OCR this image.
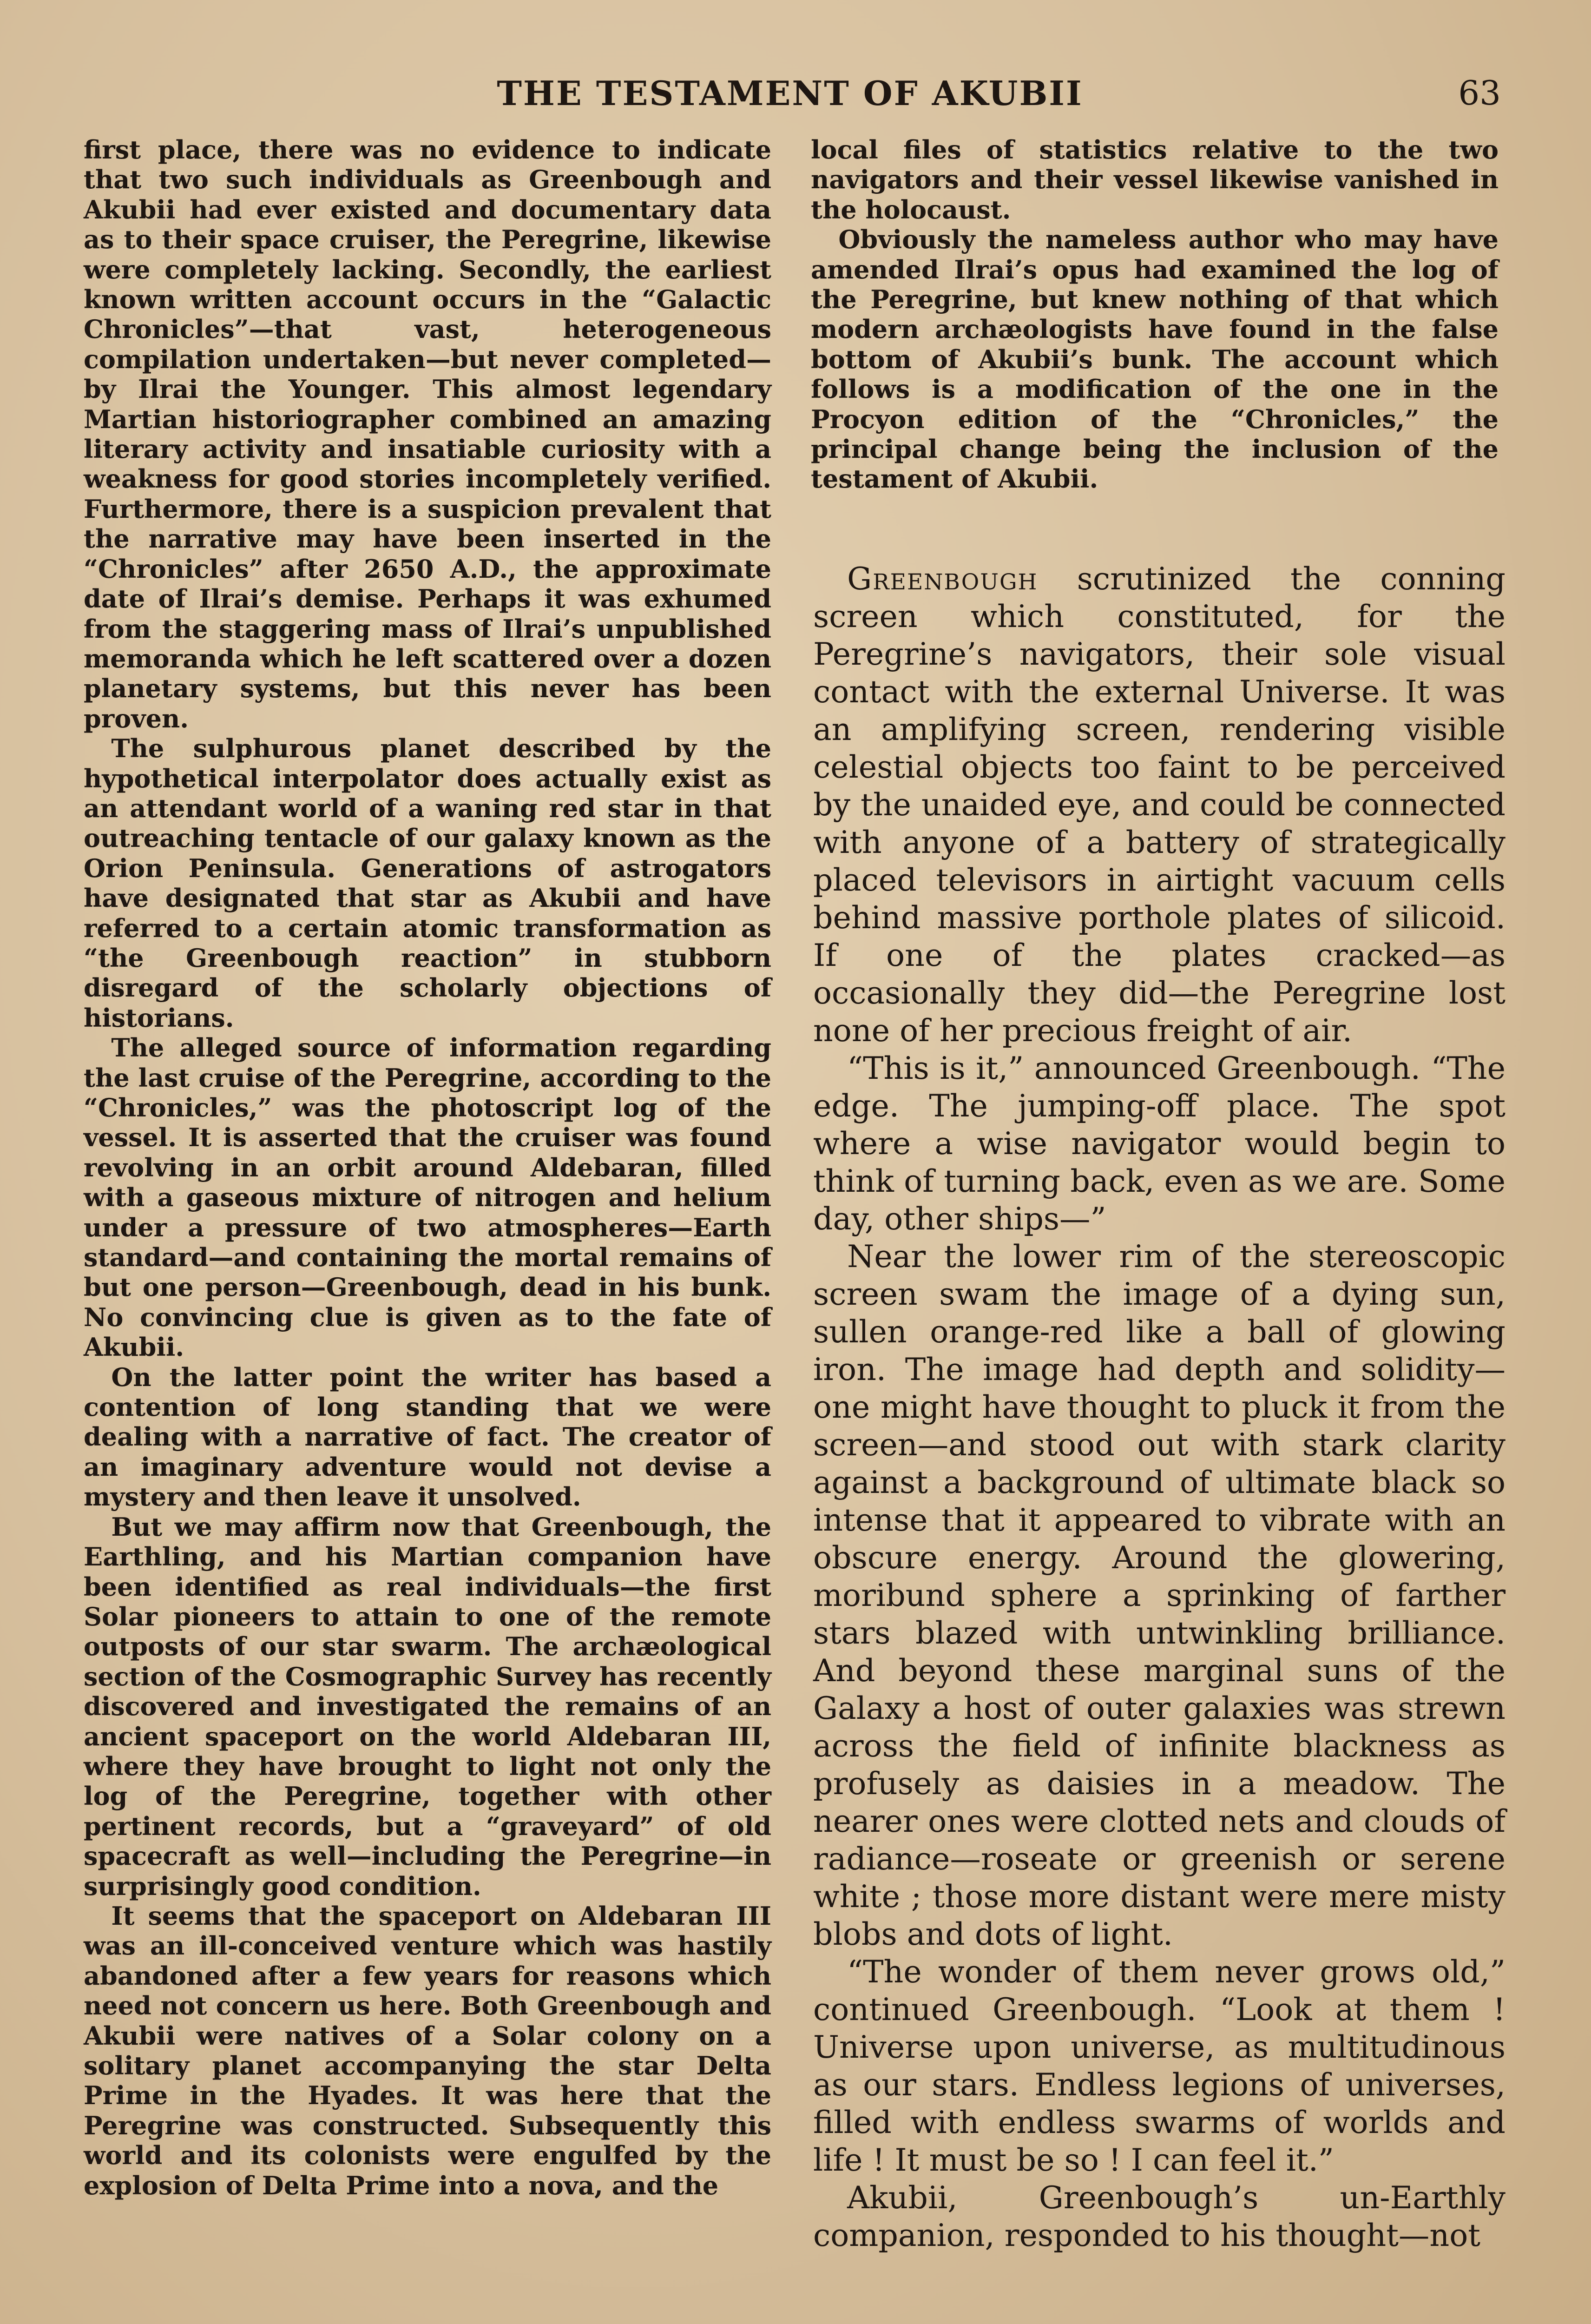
THE TESTAMENT OF AKUBII	63

first place, there was no evidence to indicate that two such individuals as Greenbough and Akubii had ever existed and documentary data as to their space cruiser, the Peregrine, likewise were completely lacking. Secondly, the earliest known written account occurs in the “Galactic Chronicles”—that vast, heterogeneous compilation undertaken—but never completed—by Ilrai the Younger. This almost legendary Martian historiographer combined an amazing literary activity and insatiable curiosity with a weakness for good stories incompletely verified. Furthermore, there is a suspicion prevalent that the narrative may have been inserted in the “Chronicles” after 2650 A.D., the approximate date of Ilrai’s demise. Perhaps it was exhumed from the staggering mass of Ilrai’s unpublished memoranda which he left scattered over a dozen planetary systems, but this never has been proven.

The sulphurous planet described by the hypothetical interpolator does actually exist as an attendant world of a waning red star in that outreaching tentacle of our galaxy known as the Orion Peninsula. Generations of astrogators have designated that star as Akubii and have referred to a certain atomic transformation as “the Greenbough reaction” in stubborn disregard of the scholarly objections of historians.

The alleged source of information regarding the last cruise of the Peregrine, according to the “Chronicles,” was the photoscript log of the vessel. It is asserted that the cruiser was found revolving in an orbit around Aldebaran, filled with a gaseous mixture of nitrogen and helium under a pressure of two atmospheres—Earth standard—and containing the mortal remains of but one person—Greenbough, dead in his bunk. No convincing clue is given as to the fate of Akubii.

On the latter point the writer has based a contention of long standing that we were dealing with a narrative of fact. The creator of an imaginary adventure would not devise a mystery and then leave it unsolved.

But we may affirm now that Greenbough, the Earthling, and his Martian companion have been identified as real individuals—the first Solar pioneers to attain to one of the remote outposts of our star swarm. The archæological section of the Cosmographic Survey has recently discovered and investigated the remains of an ancient spaceport on the world Aldebaran III, where they have brought to light not only the log of the Peregrine, together with other pertinent records, but a “graveyard” of old spacecraft as well—including the Peregrine—in surprisingly good condition.

It seems that the spaceport on Aldebaran III was an ill-conceived venture which was hastily abandoned after a few years for reasons which need not concern us here. Both Greenbough and Akubii were natives of a Solar colony on a solitary planet accompanying the star Delta Prime in the Hyades. It was here that the Peregrine was constructed. Subsequently this world and its colonists were engulfed by the explosion of Delta Prime into a nova, and the

local files of statistics relative to the two navigators and their vessel likewise vanished in the holocaust.

Obviously the nameless author who may have amended Ilrai’s opus had examined the log of the Peregrine, but knew nothing of that which modern archæologists have found in the false bottom of Akubii’s bunk. The account which follows is a modification of the one in the Procyon edition of the “Chronicles,” the principal change being the inclusion of the testament of Akubii.

Greenbough scrutinized the conning screen which constituted, for the Peregrine’s navigators, their sole visual contact with the external Universe. It was an amplifying screen, rendering visible celestial objects too faint to be perceived by the unaided eye, and could be connected with anyone of a battery of strategically placed televisors in airtight vacuum cells behind massive porthole plates of silicoid. If one of the plates cracked—as occasionally they did—the Peregrine lost none of her precious freight of air.

“This is it,” announced Greenbough. “The edge. The jumping-off place. The spot where a wise navigator would begin to think of turning back, even as we are. Some day, other ships—”

Near the lower rim of the stereoscopic screen swam the image of a dying sun, sullen orange-red like a ball of glowing iron. The image had depth and solidity—one might have thought to pluck it from the screen—and stood out with stark clarity against a background of ultimate black so intense that it appeared to vibrate with an obscure energy. Around the glowering, moribund sphere a sprinking of farther stars blazed with untwinkling brilliance. And beyond these marginal suns of the Galaxy a host of outer galaxies was strewn across the field of infinite blackness as profusely as daisies in a meadow. The nearer ones were clotted nets and clouds of radiance—roseate or greenish or serene white ; those more distant were mere misty blobs and dots of light.

“The wonder of them never grows old,” continued Greenbough. “Look at them ! Universe upon universe, as multitudinous as our stars. Endless legions of universes, filled with endless swarms of worlds and life ! It must be so ! I can feel it.”

Akubii, Greenbough’s un-Earthly companion, responded to his thought—not
